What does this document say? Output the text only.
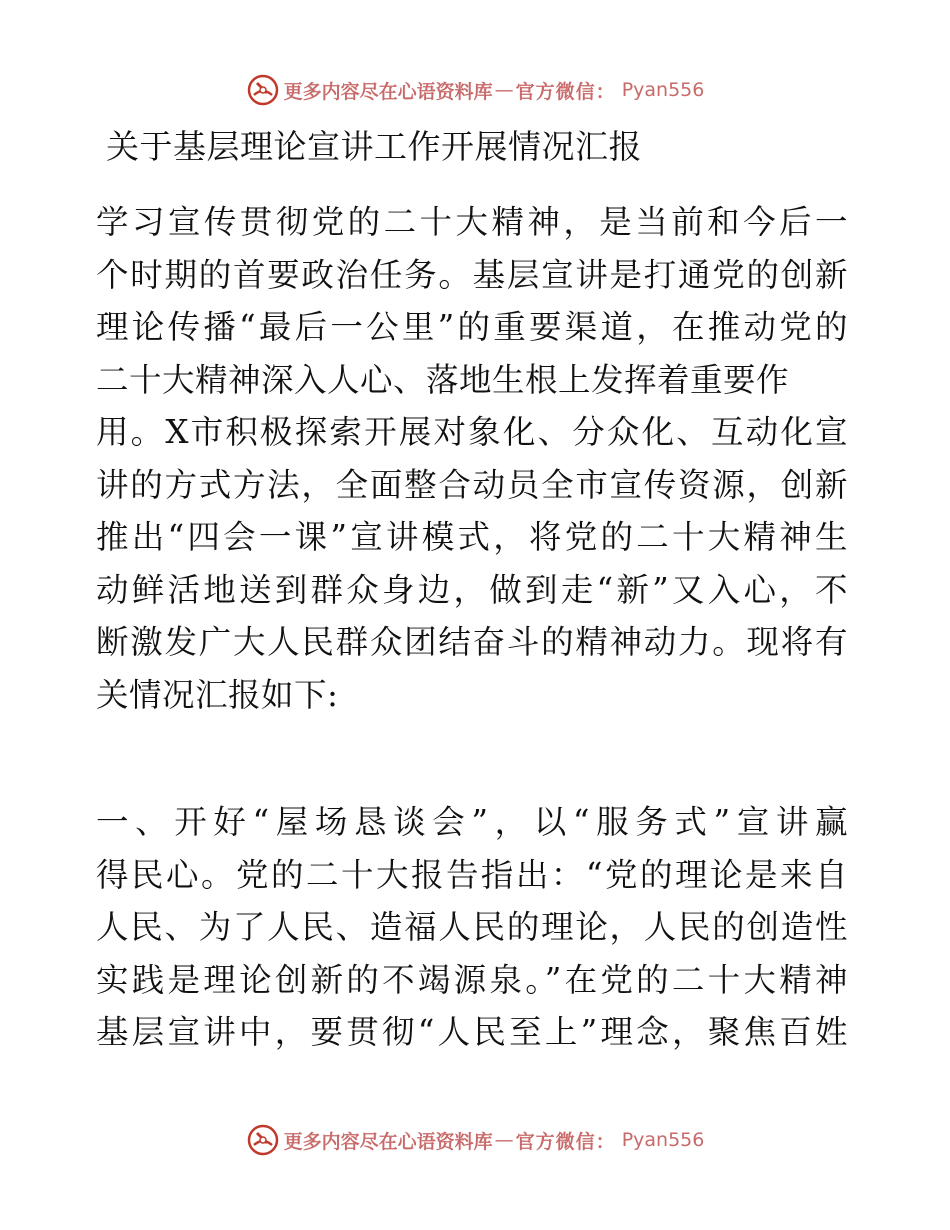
更多内容尽在心语资料库 — 官方微信： Pyan556
关于基层理论宣讲工作开展情况汇报
学习宣传贯彻党的二十大精神，是当前和今后一
个时期的首要政治任务。基层宣讲是打通党的创新
理论传播“最后一公里”的重要渠道，在推动党的
二十大精神深入人心、落地生根上发挥着重要作
用。X市积极探索开展对象化、分众化、互动化宣
讲的方式方法，全面整合动员全市宣传资源，创新
推出“四会一课”宣讲模式，将党的二十大精神生
动鲜活地送到群众身边，做到走“新”又入心，不
断激发广大人民群众团结奋斗的精神动力。现将有
关情况汇报如下:
一、开好“屋场恳谈会”，以“服务式”宣讲赢
得民心。党的二十大报告指出：“党的理论是来自
人民、为了人民、造福人民的理论，人民的创造性
实践是理论创新的不竭源泉。”在党的二十大精神
基层宣讲中，要贯彻“人民至上”理念，聚焦百姓
更多内容尽在心语资料库 — 官方微信： Pyan556
